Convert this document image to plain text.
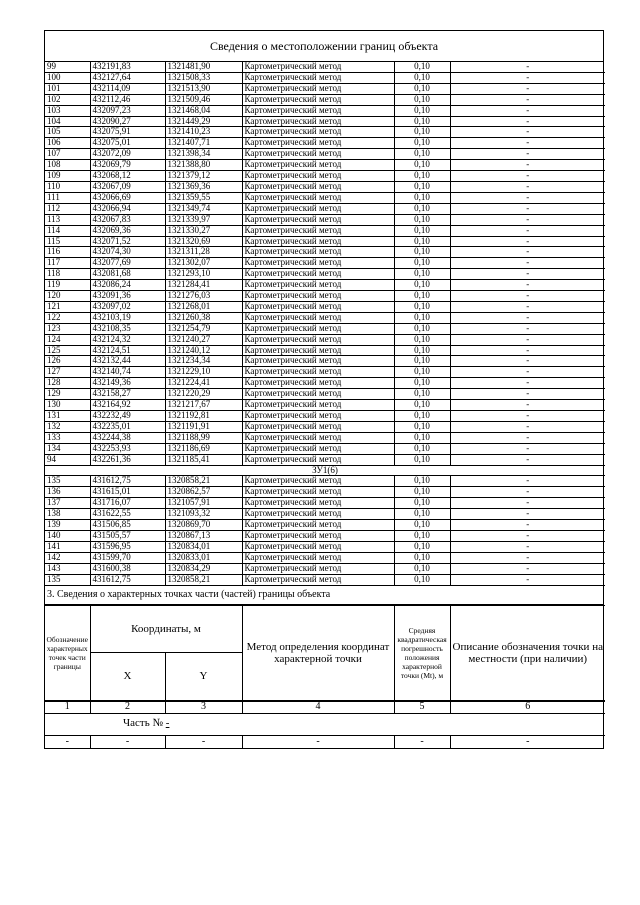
Сведения о местоположении границ объекта
99	432191,83	1321481,90	Картометрический метод	0,10	-
100	432127,64	1321508,33	Картометрический метод	0,10	-
101	432114,09	1321513,90	Картометрический метод	0,10	-
102	432112,46	1321509,46	Картометрический метод	0,10	-
103	432097,23	1321468,04	Картометрический метод	0,10	-
104	432090,27	1321449,29	Картометрический метод	0,10	-
105	432075,91	1321410,23	Картометрический метод	0,10	-
106	432075,01	1321407,71	Картометрический метод	0,10	-
107	432072,09	1321398,34	Картометрический метод	0,10	-
108	432069,79	1321388,80	Картометрический метод	0,10	-
109	432068,12	1321379,12	Картометрический метод	0,10	-
110	432067,09	1321369,36	Картометрический метод	0,10	-
111	432066,69	1321359,55	Картометрический метод	0,10	-
112	432066,94	1321349,74	Картометрический метод	0,10	-
113	432067,83	1321339,97	Картометрический метод	0,10	-
114	432069,36	1321330,27	Картометрический метод	0,10	-
115	432071,52	1321320,69	Картометрический метод	0,10	-
116	432074,30	1321311,28	Картометрический метод	0,10	-
117	432077,69	1321302,07	Картометрический метод	0,10	-
118	432081,68	1321293,10	Картометрический метод	0,10	-
119	432086,24	1321284,41	Картометрический метод	0,10	-
120	432091,36	1321276,03	Картометрический метод	0,10	-
121	432097,02	1321268,01	Картометрический метод	0,10	-
122	432103,19	1321260,38	Картометрический метод	0,10	-
123	432108,35	1321254,79	Картометрический метод	0,10	-
124	432124,32	1321240,27	Картометрический метод	0,10	-
125	432124,51	1321240,12	Картометрический метод	0,10	-
126	432132,44	1321234,34	Картометрический метод	0,10	-
127	432140,74	1321229,10	Картометрический метод	0,10	-
128	432149,36	1321224,41	Картометрический метод	0,10	-
129	432158,27	1321220,29	Картометрический метод	0,10	-
130	432164,92	1321217,67	Картометрический метод	0,10	-
131	432232,49	1321192,81	Картометрический метод	0,10	-
132	432235,01	1321191,91	Картометрический метод	0,10	-
133	432244,38	1321188,99	Картометрический метод	0,10	-
134	432253,93	1321186,69	Картометрический метод	0,10	-
94	432261,36	1321185,41	Картометрический метод	0,10	-
ЗУ1(6)					
135	431612,75	1320858,21	Картометрический метод	0,10	-
136	431615,01	1320862,57	Картометрический метод	0,10	-
137	431716,07	1321057,91	Картометрический метод	0,10	-
138	431622,55	1321093,32	Картометрический метод	0,10	-
139	431506,85	1320869,70	Картометрический метод	0,10	-
140	431505,57	1320867,13	Картометрический метод	0,10	-
141	431596,95	1320834,01	Картометрический метод	0,10	-
142	431599,70	1320833,01	Картометрический метод	0,10	-
143	431600,38	1320834,29	Картометрический метод	0,10	-
135	431612,75	1320858,21	Картометрический метод	0,10	-
3. Сведения о характерных точках части (частей) границы объекта
Обозначение характерных точек части границы	Координаты, м		Метод определения координат характерной точки	Средняя квадратическая погрешность положения характерной точки (Мt), м	Описание обозначения точки на местности (при наличии)
	X	Y			
1	2	3	4	5	6
Часть № -					
-	-	-	-	-	-
